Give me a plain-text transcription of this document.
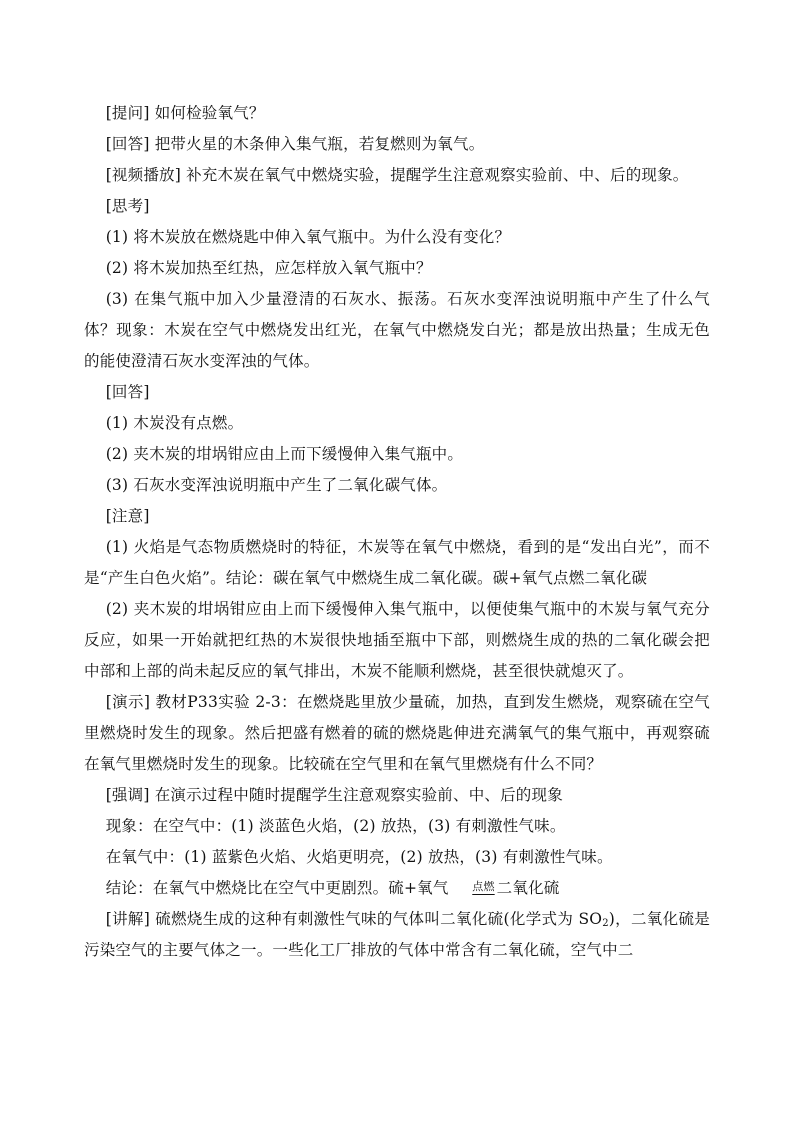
[提问] 如何检验氧气？

[回答] 把带火星的木条伸入集气瓶，若复燃则为氧气。

[视频播放] 补充木炭在氧气中燃烧实验，提醒学生注意观察实验前、中、后的现象。

[思考]

(1) 将木炭放在燃烧匙中伸入氧气瓶中。为什么没有变化？

(2) 将木炭加热至红热，应怎样放入氧气瓶中？

(3) 在集气瓶中加入少量澄清的石灰水、振荡。石灰水变浑浊说明瓶中产生了什么气体？现象：木炭在空气中燃烧发出红光，在氧气中燃烧发白光；都是放出热量；生成无色的能使澄清石灰水变浑浊的气体。

[回答]

(1) 木炭没有点燃。

(2) 夹木炭的坩埚钳应由上而下缓慢伸入集气瓶中。

(3) 石灰水变浑浊说明瓶中产生了二氧化碳气体。

[注意]

(1) 火焰是气态物质燃烧时的特征，木炭等在氧气中燃烧，看到的是“发出白光”，而不是“产生白色火焰”。结论：碳在氧气中燃烧生成二氧化碳。碳+氧气点燃二氧化碳

(2) 夹木炭的坩埚钳应由上而下缓慢伸入集气瓶中，以便使集气瓶中的木炭与氧气充分反应，如果一开始就把红热的木炭很快地插至瓶中下部，则燃烧生成的热的二氧化碳会把中部和上部的尚未起反应的氧气排出，木炭不能顺利燃烧，甚至很快就熄灭了。

[演示] 教材P33实验 2-3：在燃烧匙里放少量硫，加热，直到发生燃烧，观察硫在空气里燃烧时发生的现象。然后把盛有燃着的硫的燃烧匙伸进充满氧气的集气瓶中，再观察硫在氧气里燃烧时发生的现象。比较硫在空气里和在氧气里燃烧有什么不同？

[强调] 在演示过程中随时提醒学生注意观察实验前、中、后的现象

现象：在空气中：(1) 淡蓝色火焰，(2) 放热，(3) 有刺激性气味。

在氧气中：(1) 蓝紫色火焰、火焰更明亮，(2) 放热，(3) 有刺激性气味。

结论：在氧气中燃烧比在空气中更剧烈。硫+氧气 点燃 二氧化硫

[讲解] 硫燃烧生成的这种有刺激性气味的气体叫二氧化硫(化学式为 $SO_2$)，二氧化硫是污染空气的主要气体之一。一些化工厂排放的气体中常含有二氧化硫，空气中二
